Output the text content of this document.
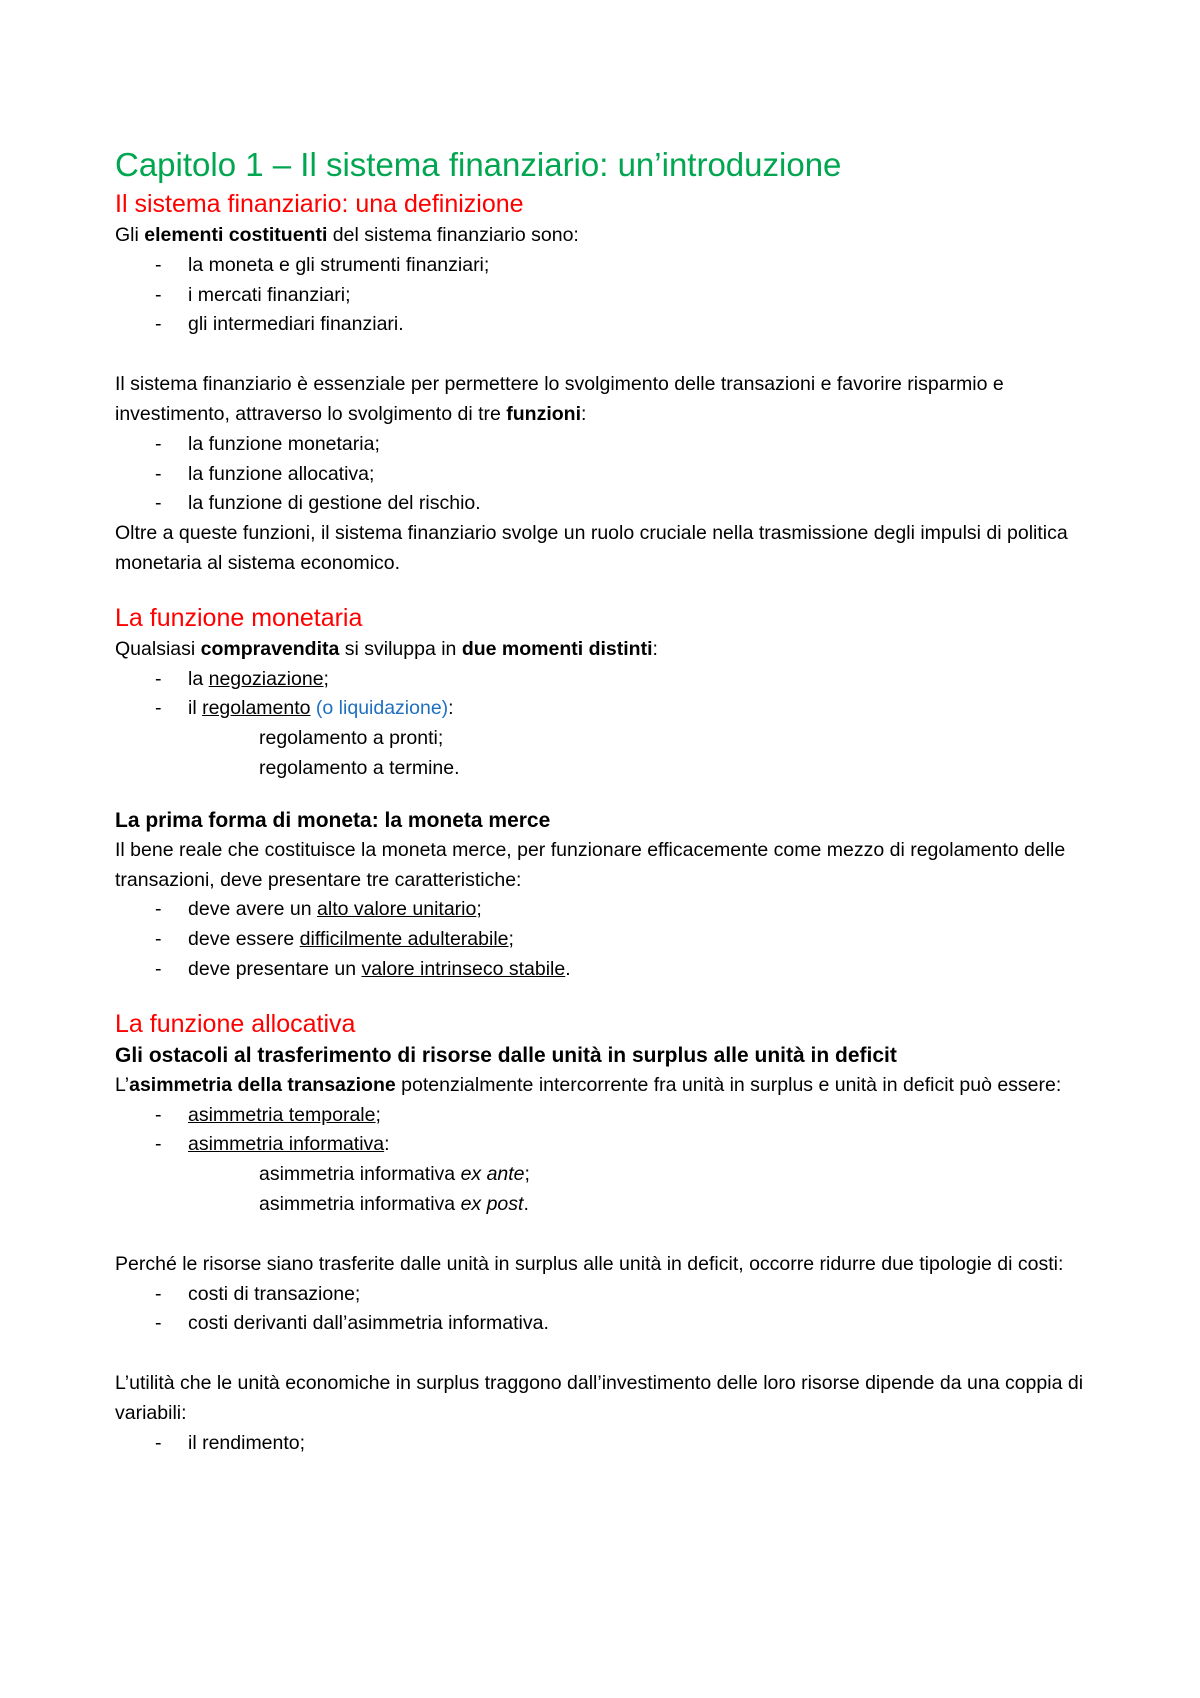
Capitolo 1 – Il sistema finanziario: un’introduzione
Il sistema finanziario: una definizione

Gli elementi costituenti del sistema finanziario sono:

- la moneta e gli strumenti finanziari;
- i mercati finanziari;
- gli intermediari finanziari.

Il sistema finanziario è essenziale per permettere lo svolgimento delle transazioni e favorire risparmio e investimento, attraverso lo svolgimento di tre funzioni:

- la funzione monetaria;
- la funzione allocativa;
- la funzione di gestione del rischio.

Oltre a queste funzioni, il sistema finanziario svolge un ruolo cruciale nella trasmissione degli impulsi di politica monetaria al sistema economico.

La funzione monetaria

Qualsiasi compravendita si sviluppa in due momenti distinti:

- la negoziazione;
- il regolamento (o liquidazione):
regolamento a pronti;
regolamento a termine.
La prima forma di moneta: la moneta merce

Il bene reale che costituisce la moneta merce, per funzionare efficacemente come mezzo di regolamento delle transazioni, deve presentare tre caratteristiche:

- deve avere un alto valore unitario;
- deve essere difficilmente adulterabile;
- deve presentare un valore intrinseco stabile.
La funzione allocativa
Gli ostacoli al trasferimento di risorse dalle unità in surplus alle unità in deficit

L’asimmetria della transazione potenzialmente intercorrente fra unità in surplus e unità in deficit può essere:

- asimmetria temporale;
- asimmetria informativa:
asimmetria informativa ex ante;
asimmetria informativa ex post.

Perché le risorse siano trasferite dalle unità in surplus alle unità in deficit, occorre ridurre due tipologie di costi:

- costi di transazione;
- costi derivanti dall’asimmetria informativa.

L’utilità che le unità economiche in surplus traggono dall’investimento delle loro risorse dipende da una coppia di variabili:

- il rendimento;
